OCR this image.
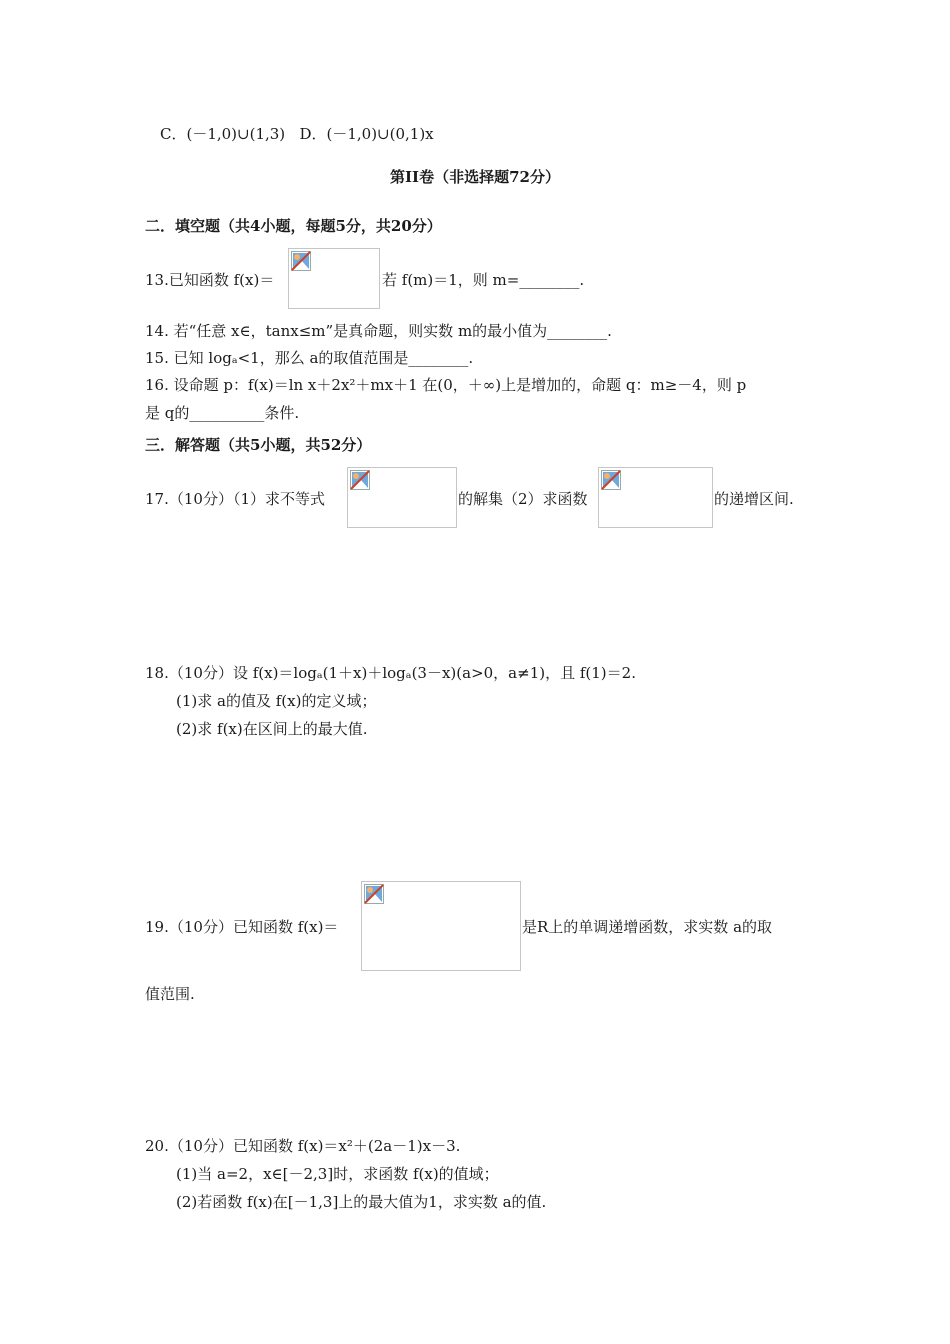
C．(－1,0)∪(1,3)   D．(－1,0)∪(0,1)x
第II卷（非选择题72分）
二．填空题（共4小题，每题5分，共20分）
13.已知函数 f(x)＝	若 f(m)＝1，则 m=________.
14. 若“任意 x∈，tanx≤m”是真命题，则实数 m的最小值为________.
15. 已知 logₐ<1，那么 a的取值范围是________.
16. 设命题 p：f(x)＝ln x＋2x²＋mx＋1 在(0，＋∞)上是增加的，命题 q：m≥－4，则 p
是 q的__________条件.
三．解答题（共5小题，共52分）
17.（10分）（1）求不等式	的解集（2）求函数	的递增区间.
18.（10分）设 f(x)＝logₐ(1＋x)＋logₐ(3－x)(a>0，a≠1)，且 f(1)＝2.
(1)求 a的值及 f(x)的定义域；
(2)求 f(x)在区间上的最大值.
19.（10分）已知函数 f(x)＝	是R上的单调递增函数，求实数 a的取
值范围.
20.（10分）已知函数 f(x)＝x²＋(2a－1)x－3.
(1)当 a=2，x∈[－2,3]时，求函数 f(x)的值域；
(2)若函数 f(x)在[－1,3]上的最大值为1，求实数 a的值.
